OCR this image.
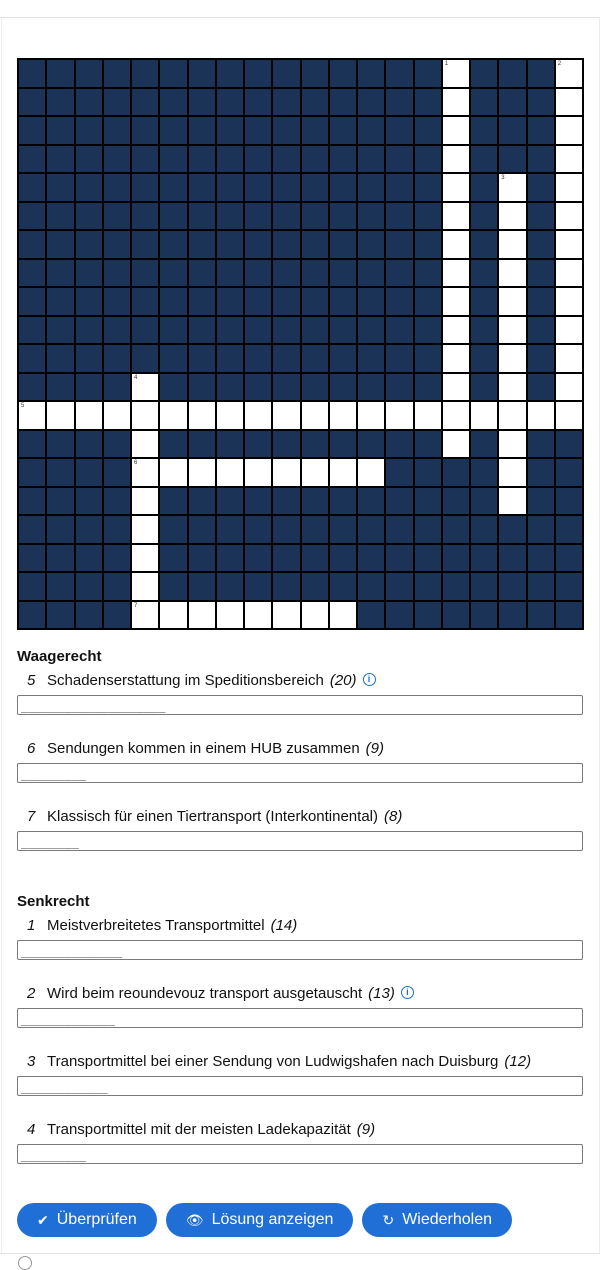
1	2
3
4
5
6
7
Waagerecht
5 Schadenserstattung im Speditionsbereich (20) i
____________________
6 Sendungen kommen in einem HUB zusammen (9)
_________
7 Klassisch für einen Tiertransport (Interkontinental) (8)
________
Senkrecht
1 Meistverbreitetes Transportmittel (14)
______________
2 Wird beim reoundevouz transport ausgetauscht (13) i
_____________
3 Transportmittel bei einer Sendung von Ludwigshafen nach Duisburg (12)
____________
4 Transportmittel mit der meisten Ladekapazität (9)
_________
✔ Überprüfen	👁 Lösung anzeigen	↻ Wiederholen
